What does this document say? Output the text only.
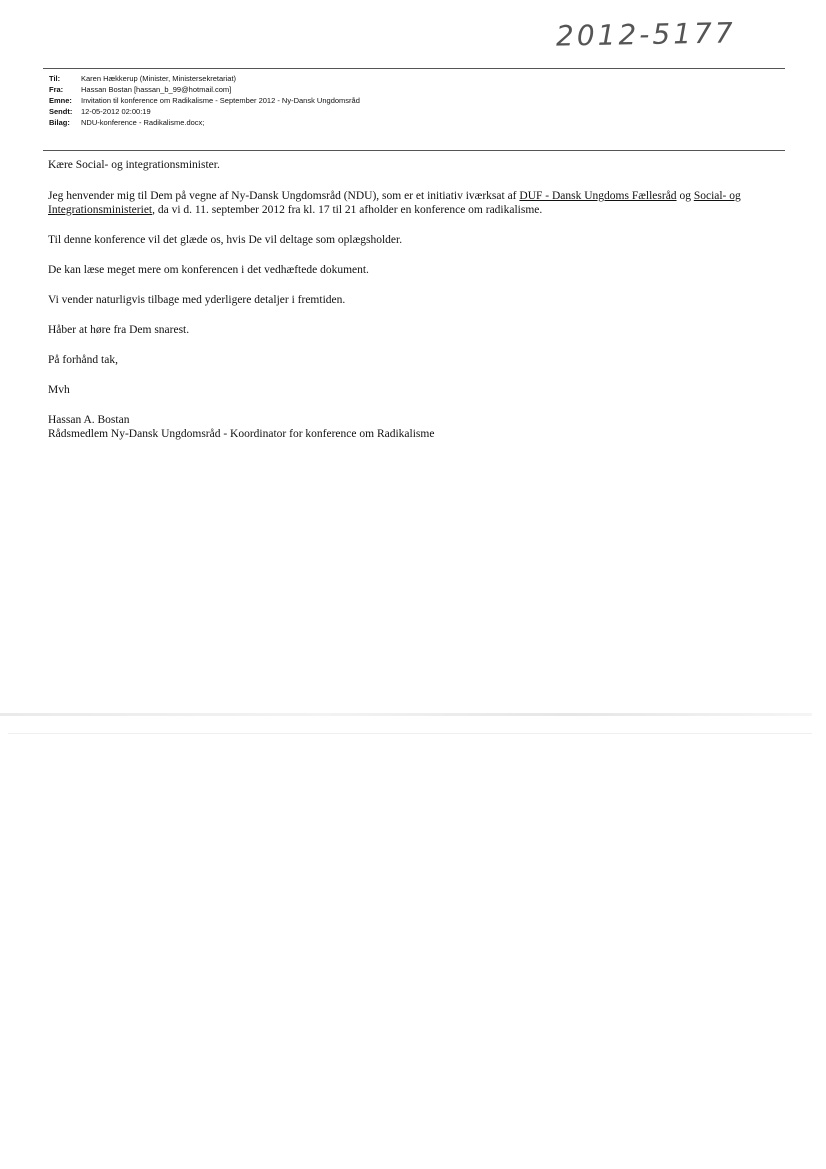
2012-5177
Til:	Karen Hækkerup (Minister, Ministersekretariat)
Fra:	Hassan Bostan [hassan_b_99@hotmail.com]
Emne:	Invitation til konference om Radikalisme - September 2012 - Ny-Dansk Ungdomsråd
Sendt:	12-05-2012 02:00:19
Bilag:	NDU-konference - Radikalisme.docx;

Kære Social- og integrationsminister.

Jeg henvender mig til Dem på vegne af Ny-Dansk Ungdomsråd (NDU), som er et initiativ iværksat af DUF - Dansk Ungdoms Fællesråd og Social- og Integrationsministeriet, da vi d. 11. september 2012 fra kl. 17 til 21 afholder en konference om radikalisme.

Til denne konference vil det glæde os, hvis De vil deltage som oplægsholder.

De kan læse meget mere om konferencen i det vedhæftede dokument.

Vi vender naturligvis tilbage med yderligere detaljer i fremtiden.

Håber at høre fra Dem snarest.

På forhånd tak,

Mvh

Hassan A. Bostan
Rådsmedlem Ny-Dansk Ungdomsråd - Koordinator for konference om Radikalisme
